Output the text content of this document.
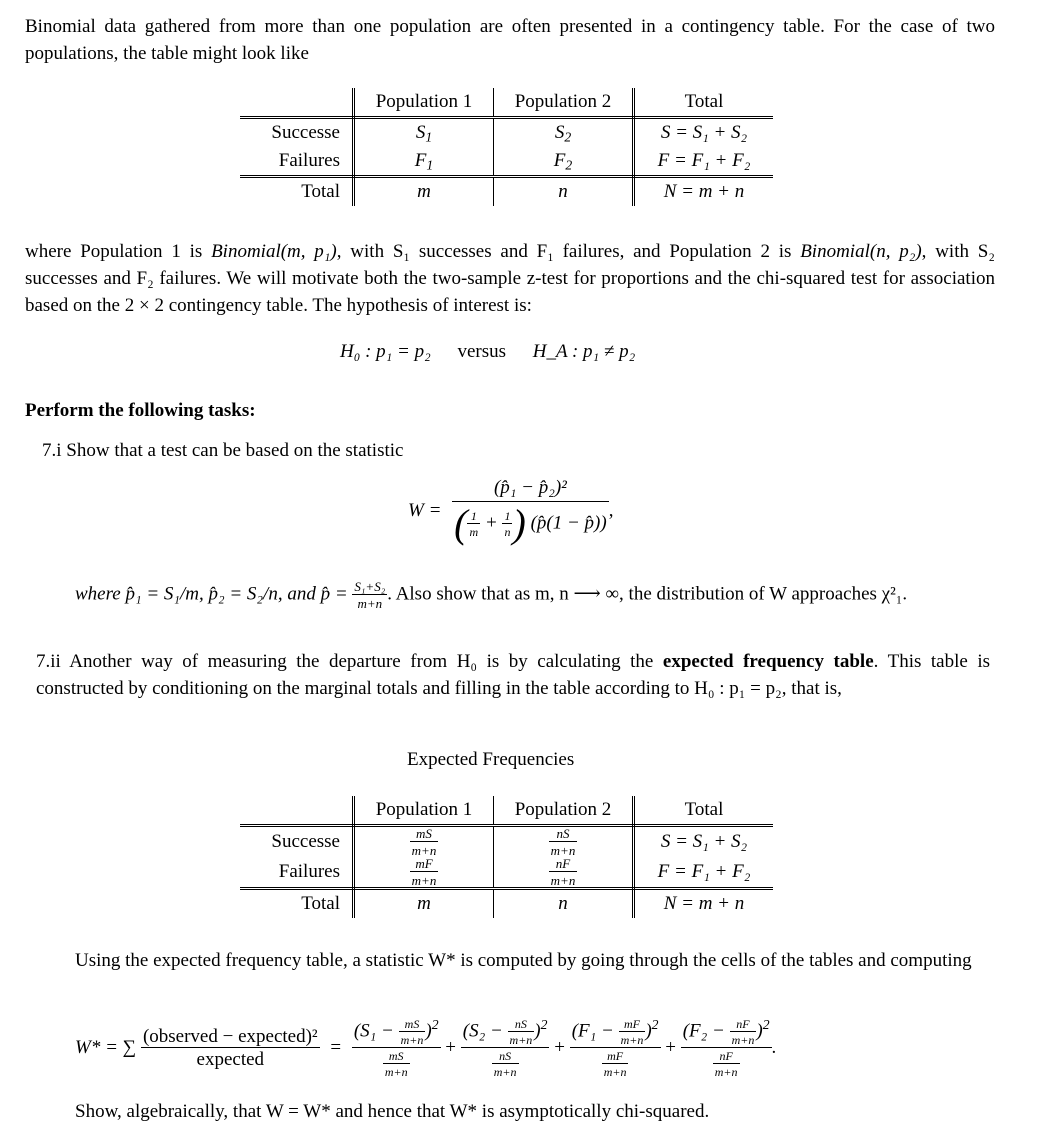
Binomial data gathered from more than one population are often presented in a contingency table. For the case of two populations, the table might look like
	Population 1	Population 2	Total
Successe	$S_1$	$S_2$	S = S₁ + S₂
Failures	$F_1$	$F_2$	F = F₁ + F₂
Total	m	n	N = m + n
where Population 1 is Binomial(m, p₁), with S₁ successes and F₁ failures, and Population 2 is Binomial(n, p₂), with S₂ successes and F₂ failures. We will motivate both the two-sample z-test for proportions and the chi-squared test for association based on the 2 × 2 contingency table. The hypothesis of interest is:
H₀ : p₁ = p₂ versus H_A : p₁ ≠ p₂
Perform the following tasks:
7.i Show that a test can be based on the statistic
$W = \frac{\text{(p̂₁ − p̂₂)²}}{( \frac{1}{m} + \frac{1}{n} ) (p̂(1 - p̂))}$ ,
where p̂₁ = S₁/m, p̂₂ = S₂/n, and p̂ = $\frac{\text{S₁+S₂}}{m+n}$ . Also show that as m, n ⟶ ∞, the distribution of W approaches χ²₁.
7.ii Another way of measuring the departure from H₀ is by calculating the expected frequency table. This table is constructed by conditioning on the marginal totals and filling in the table according to H₀ : p₁ = p₂, that is,
Expected Frequencies
	Population 1	Population 2	Total
Successe	$\frac{mS}{m+n}$	$\frac{nS}{m+n}$	S = S₁ + S₂
Failures	$\frac{mF}{m+n}$	$\frac{nF}{m+n}$	F = F₁ + F₂
Total	m	n	N = m + n
Using the expected frequency table, a statistic W* is computed by going through the cells of the tables and computing
W* = ∑ $\frac{\text{(observed − expected)²}}{\text{expected}} = \frac{(S_1 - \frac{mS}{m+n} )^2}{\frac{mS}{m+n}} + \frac{(S_2 - \frac{nS}{m+n} )^2}{\frac{nS}{m+n}} + \frac{(F_1 - \frac{mF}{m+n} )^2}{\frac{mF}{m+n}} + \frac{(F_2 - \frac{nF}{m+n} )^2}{\frac{nF}{m+n}}$ .
Show, algebraically, that W = W* and hence that W* is asymptotically chi-squared.
